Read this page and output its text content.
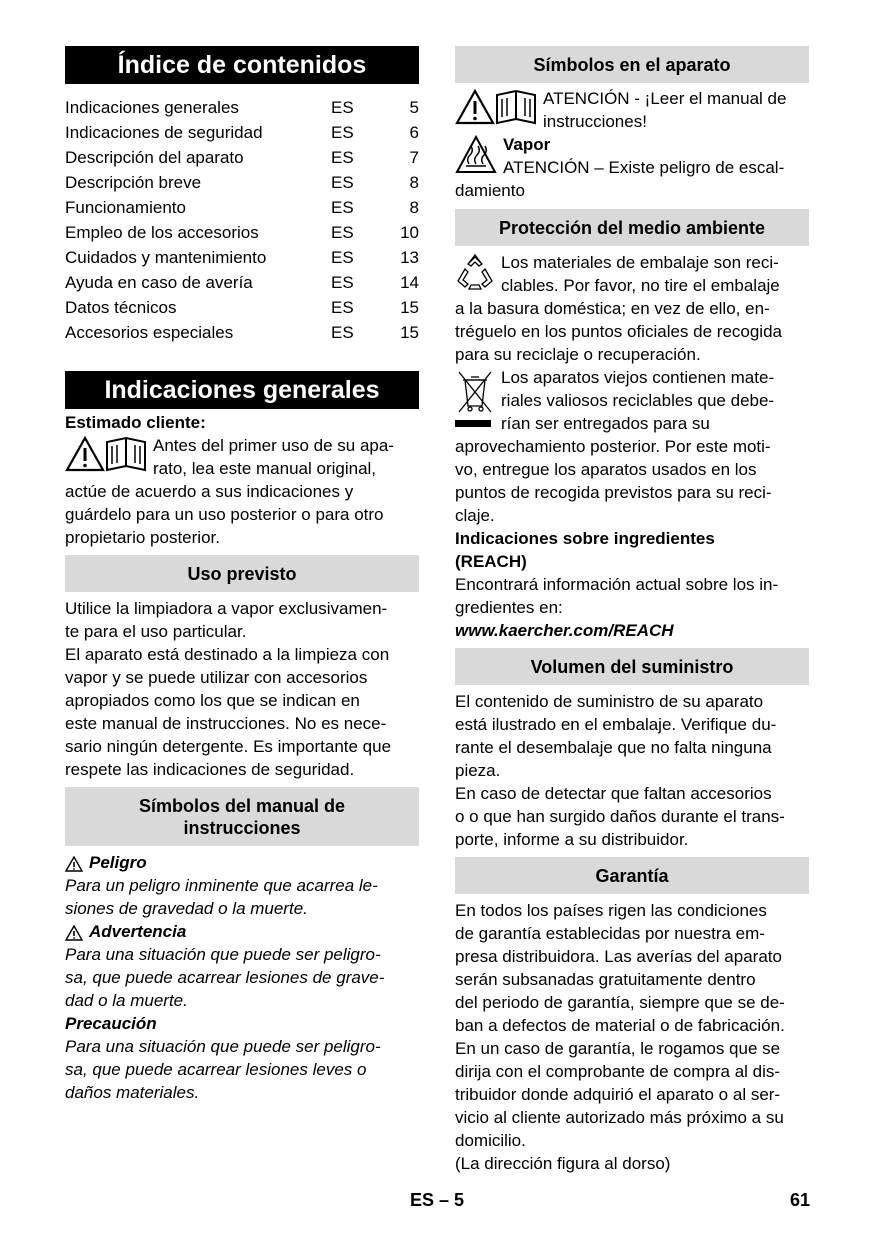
Índice de contenidos
Indicaciones generales	ES	5
Indicaciones de seguridad	ES	6
Descripción del aparato	ES	7
Descripción breve	ES	8
Funcionamiento	ES	8
Empleo de los accesorios	ES	10
Cuidados y mantenimiento	ES	13
Ayuda en caso de avería	ES	14
Datos técnicos	ES	15
Accesorios especiales	ES	15
Indicaciones generales

Estimado cliente:

Antes del primer uso de su apa-

rato, lea este manual original,

actúe de acuerdo a sus indicaciones y

guárdelo para un uso posterior o para otro

propietario posterior.

Uso previsto

Utilice la limpiadora a vapor exclusivamen-

te para el uso particular.

El aparato está destinado a la limpieza con

vapor y se puede utilizar con accesorios

apropiados como los que se indican en

este manual de instrucciones. No es nece-

sario ningún detergente. Es importante que

respete las indicaciones de seguridad.

Símbolos del manual de
instrucciones

Peligro

Para un peligro inminente que acarrea le-

siones de gravedad o la muerte.

Advertencia

Para una situación que puede ser peligro-

sa, que puede acarrear lesiones de grave-

dad o la muerte.

Precaución

Para una situación que puede ser peligro-

sa, que puede acarrear lesiones leves o

daños materiales.

Símbolos en el aparato

ATENCIÓN - ¡Leer el manual de

instrucciones!

Vapor

ATENCIÓN – Existe peligro de escal-

damiento

Protección del medio ambiente

Los materiales de embalaje son reci-

clables. Por favor, no tire el embalaje

a la basura doméstica; en vez de ello, en-

tréguelo en los puntos oficiales de recogida

para su reciclaje o recuperación.

Los aparatos viejos contienen mate-

riales valiosos reciclables que debe-

rían ser entregados para su

aprovechamiento posterior. Por este moti-

vo, entregue los aparatos usados en los

puntos de recogida previstos para su reci-

claje.

Indicaciones sobre ingredientes

(REACH)

Encontrará información actual sobre los in-

gredientes en:

www.kaercher.com/REACH

Volumen del suministro

El contenido de suministro de su aparato

está ilustrado en el embalaje. Verifique du-

rante el desembalaje que no falta ninguna

pieza.

En caso de detectar que faltan accesorios

o o que han surgido daños durante el trans-

porte, informe a su distribuidor.

Garantía

En todos los países rigen las condiciones

de garantía establecidas por nuestra em-

presa distribuidora. Las averías del aparato

serán subsanadas gratuitamente dentro

del periodo de garantía, siempre que se de-

ban a defectos de material o de fabricación.

En un caso de garantía, le rogamos que se

dirija con el comprobante de compra al dis-

tribuidor donde adquirió el aparato o al ser-

vicio al cliente autorizado más próximo a su

domicilio.

(La dirección figura al dorso)

ES – 5	61
